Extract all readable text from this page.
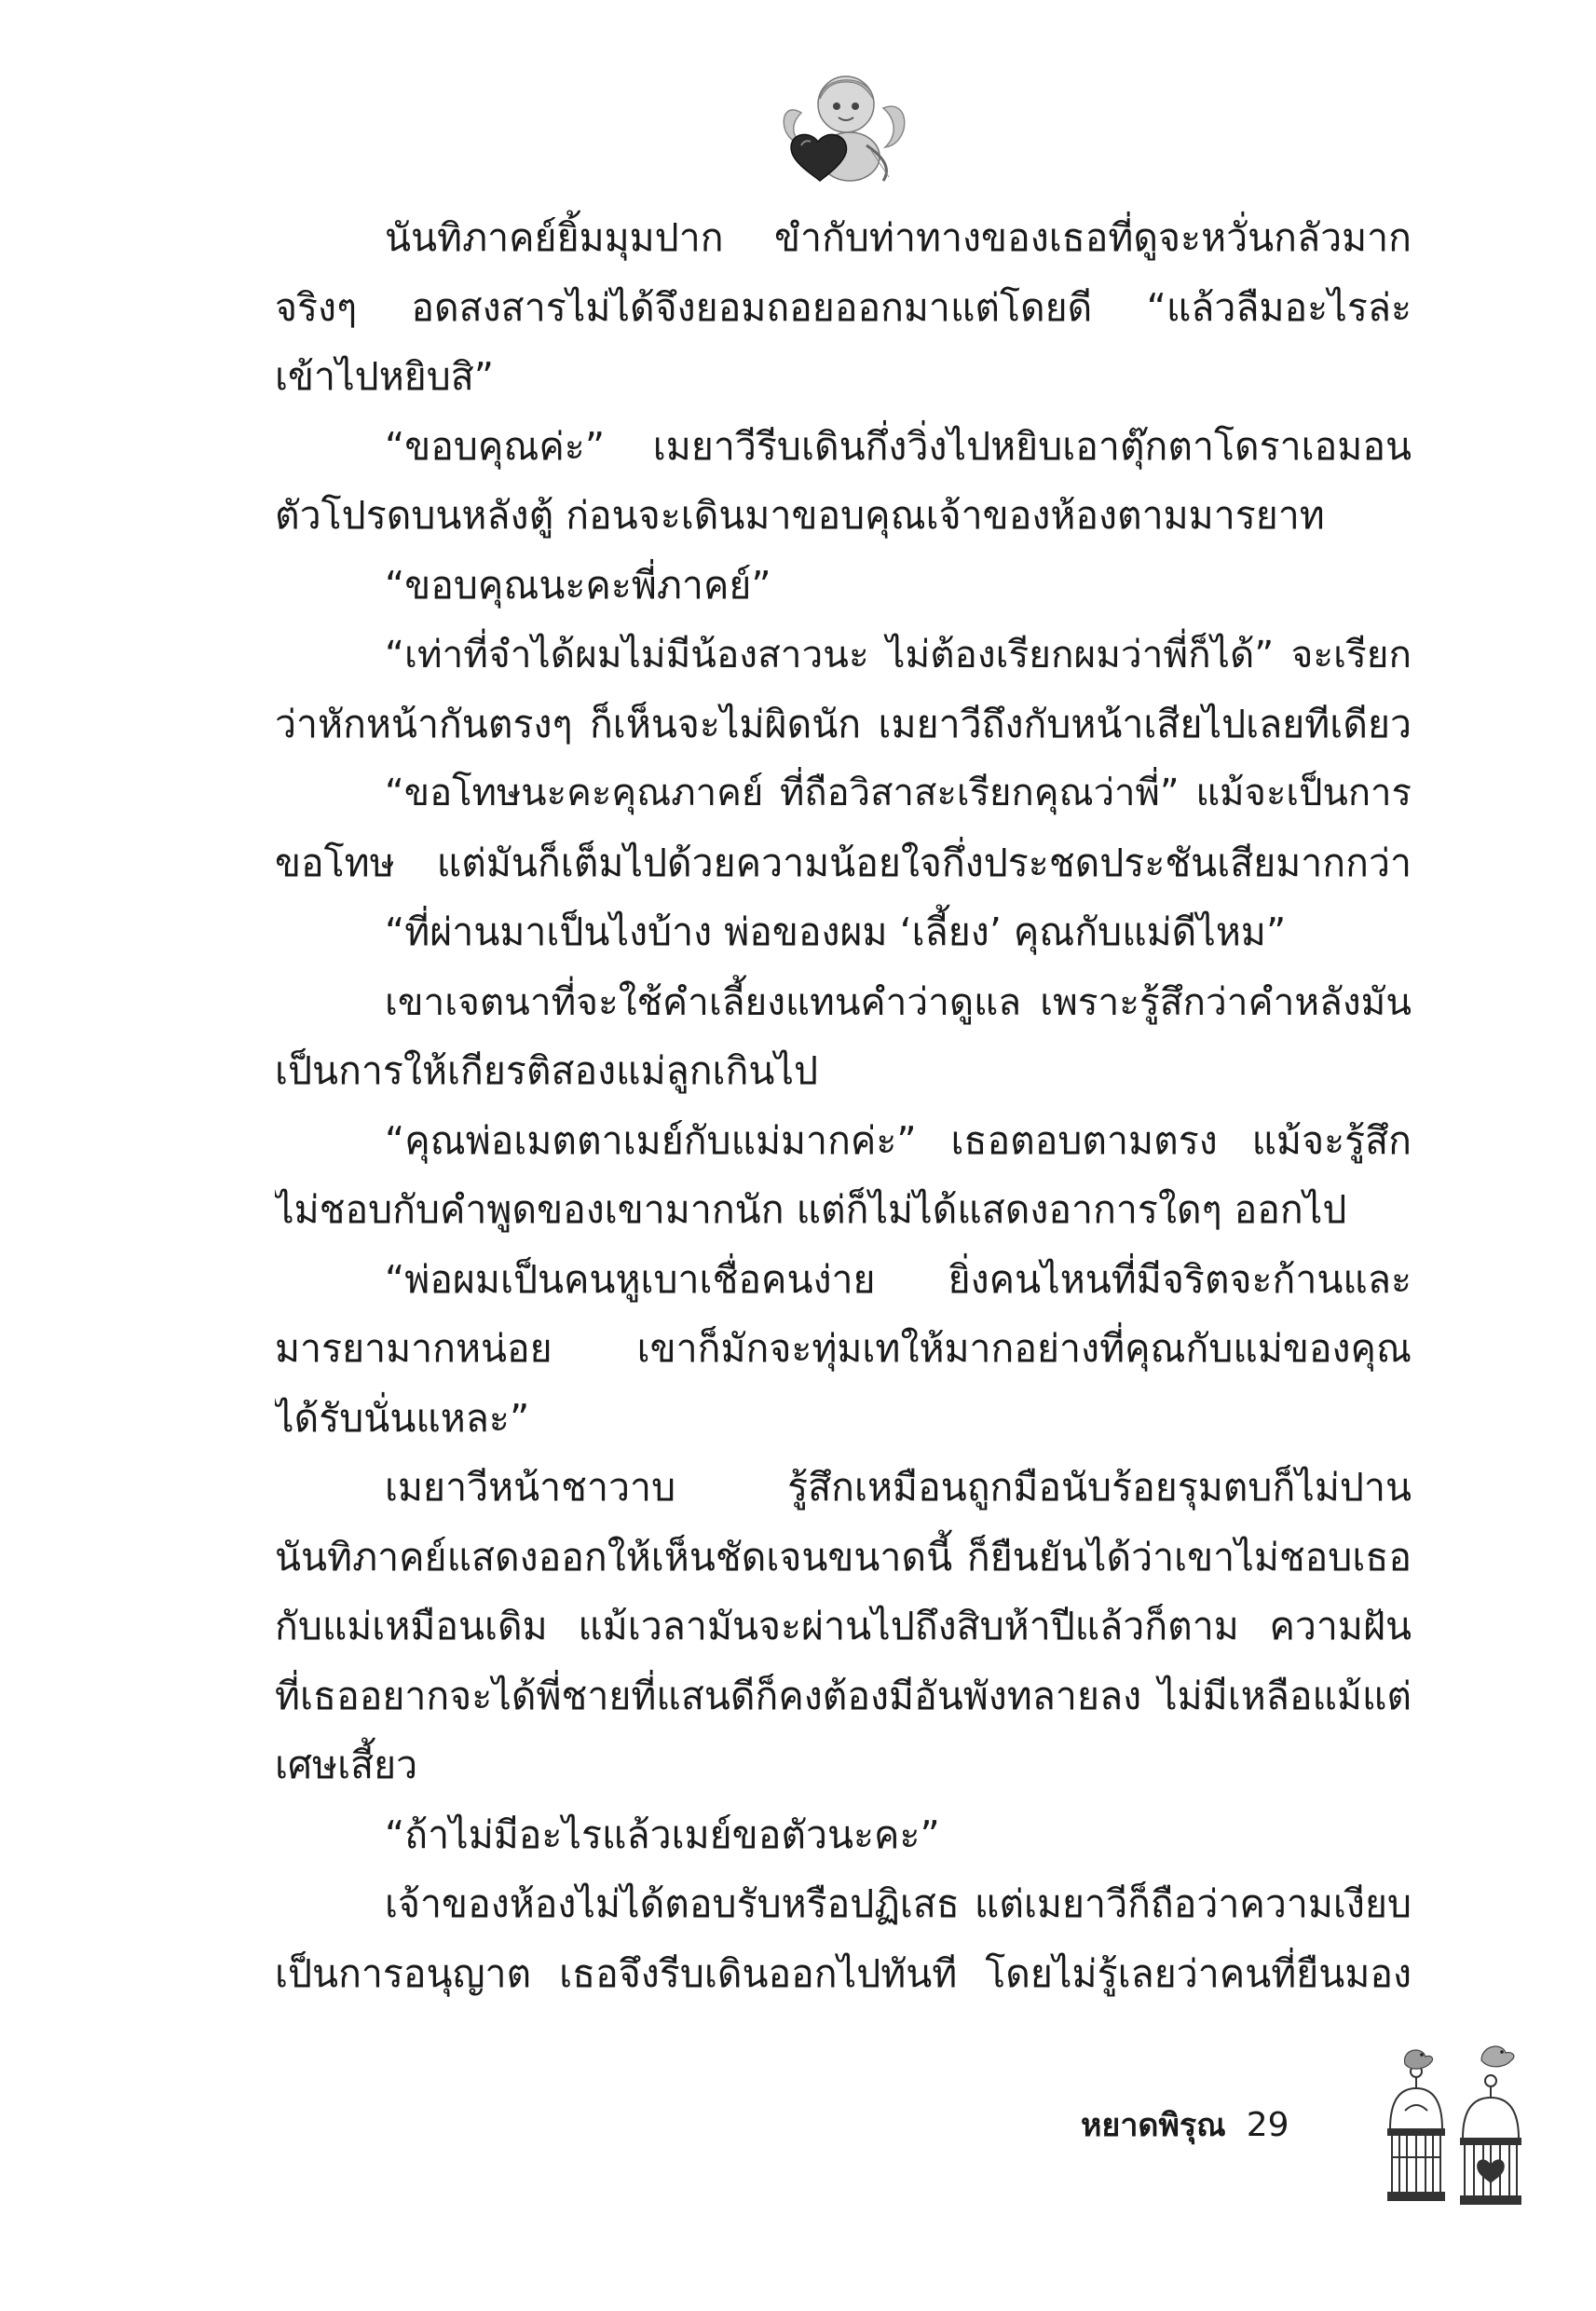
นันทิภาคย์ยิ้มมุมปาก ขำกับท่าทางของเธอที่ดูจะหวั่นกลัวมาก
จริงๆ อดสงสารไม่ได้จึงยอมถอยออกมาแต่โดยดี “แล้วลืมอะไรล่ะ
เข้าไปหยิบสิ”
“ขอบคุณค่ะ” เมยาวีรีบเดินกึ่งวิ่งไปหยิบเอาตุ๊กตาโดราเอมอน
ตัวโปรดบนหลังตู้ ก่อนจะเดินมาขอบคุณเจ้าของห้องตามมารยาท
“ขอบคุณนะคะพี่ภาคย์”
“เท่าที่จำได้ผมไม่มีน้องสาวนะ ไม่ต้องเรียกผมว่าพี่ก็ได้” จะเรียก
ว่าหักหน้ากันตรงๆ ก็เห็นจะไม่ผิดนัก เมยาวีถึงกับหน้าเสียไปเลยทีเดียว
“ขอโทษนะคะคุณภาคย์ ที่ถือวิสาสะเรียกคุณว่าพี่” แม้จะเป็นการ
ขอโทษ แต่มันก็เต็มไปด้วยความน้อยใจกึ่งประชดประชันเสียมากกว่า
“ที่ผ่านมาเป็นไงบ้าง พ่อของผม ‘เลี้ยง’ คุณกับแม่ดีไหม”
เขาเจตนาที่จะใช้คำเลี้ยงแทนคำว่าดูแล เพราะรู้สึกว่าคำหลังมัน
เป็นการให้เกียรติสองแม่ลูกเกินไป
“คุณพ่อเมตตาเมย์กับแม่มากค่ะ” เธอตอบตามตรง แม้จะรู้สึก
ไม่ชอบกับคำพูดของเขามากนัก แต่ก็ไม่ได้แสดงอาการใดๆ ออกไป
“พ่อผมเป็นคนหูเบาเชื่อคนง่าย ยิ่งคนไหนที่มีจริตจะก้านและ
มารยามากหน่อย เขาก็มักจะทุ่มเทให้มากอย่างที่คุณกับแม่ของคุณ
ได้รับนั่นแหละ”
เมยาวีหน้าชาวาบ รู้สึกเหมือนถูกมือนับร้อยรุมตบก็ไม่ปาน
นันทิภาคย์แสดงออกให้เห็นชัดเจนขนาดนี้ ก็ยืนยันได้ว่าเขาไม่ชอบเธอ
กับแม่เหมือนเดิม แม้เวลามันจะผ่านไปถึงสิบห้าปีแล้วก็ตาม ความฝัน
ที่เธออยากจะได้พี่ชายที่แสนดีก็คงต้องมีอันพังทลายลง ไม่มีเหลือแม้แต่
เศษเสี้ยว
“ถ้าไม่มีอะไรแล้วเมย์ขอตัวนะคะ”
เจ้าของห้องไม่ได้ตอบรับหรือปฏิเสธ แต่เมยาวีก็ถือว่าความเงียบ
เป็นการอนุญาต เธอจึงรีบเดินออกไปทันที โดยไม่รู้เลยว่าคนที่ยืนมอง
หยาดพิรุณ 29
